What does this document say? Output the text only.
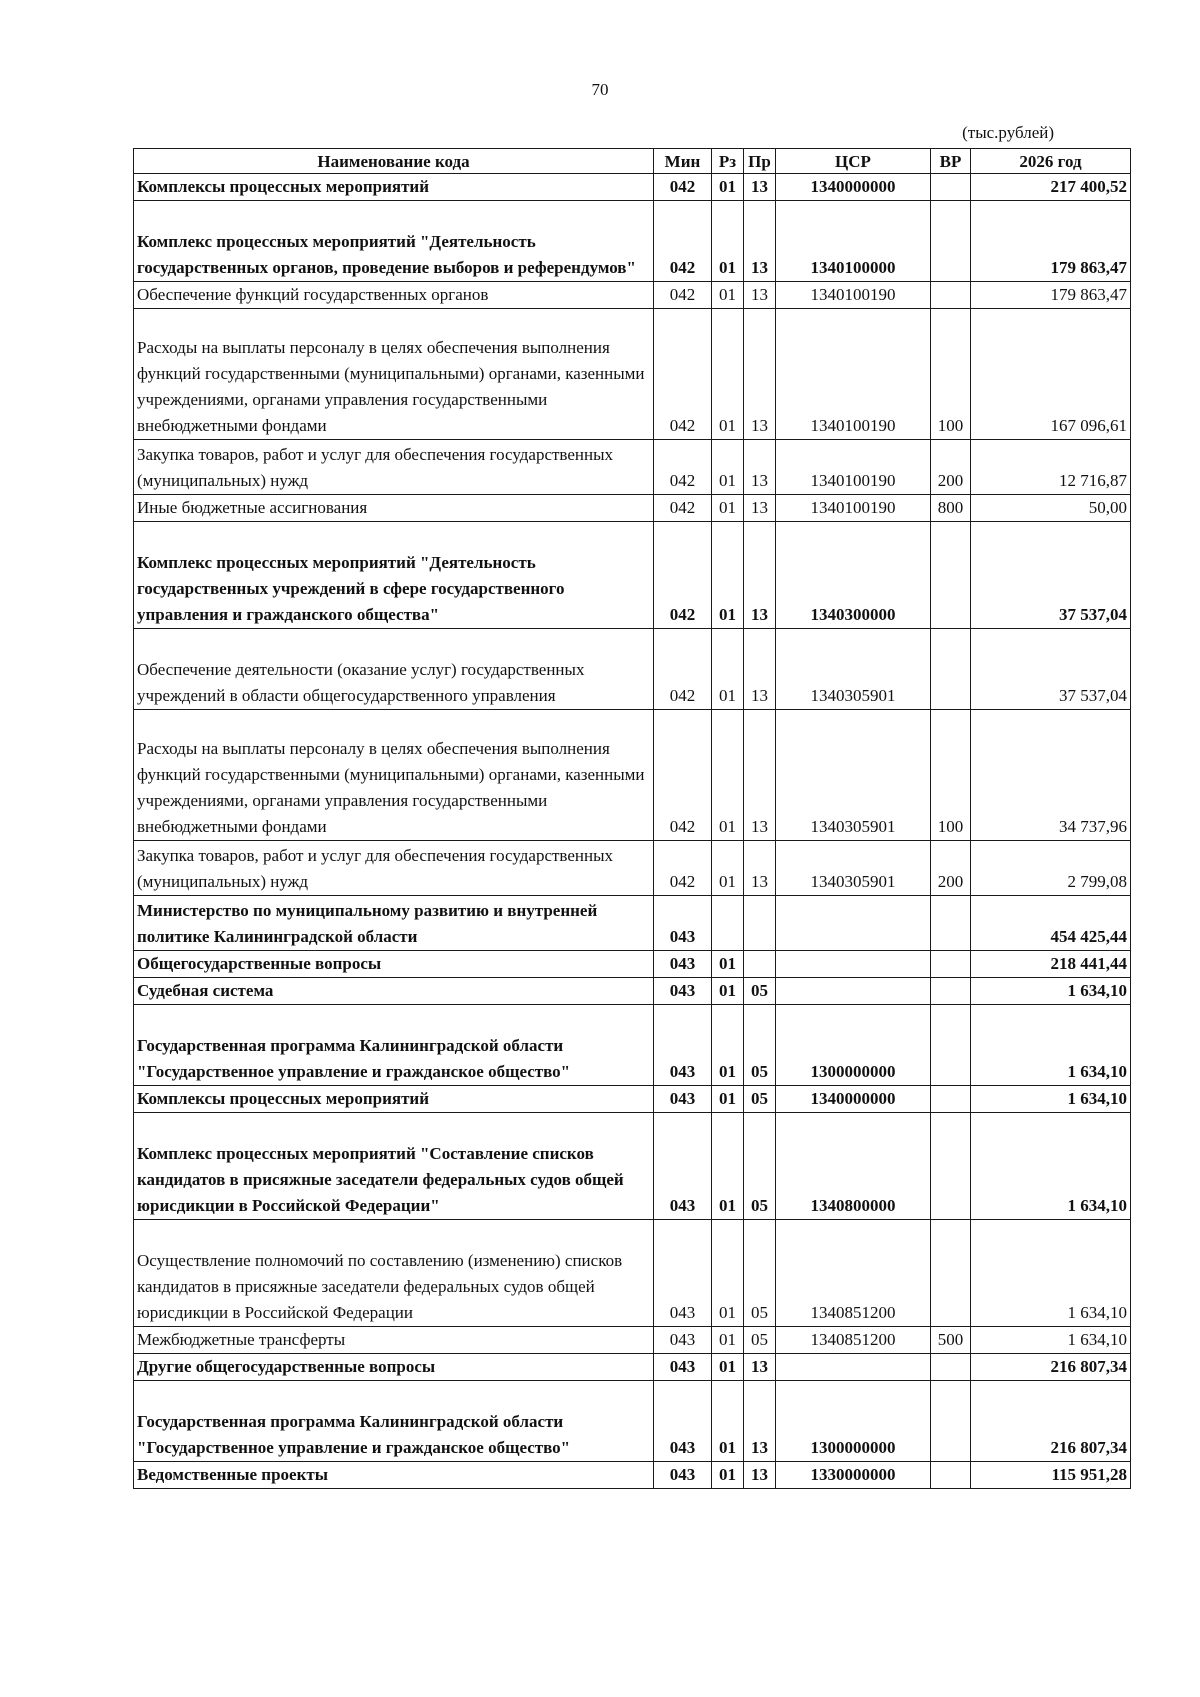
70
(тыс.рублей)
Наименование кода	Мин	Рз	Пр	ЦСР	ВР	2026 год
Комплексы процессных мероприятий	042	01	13	1340000000		217 400,52
Комплекс процессных мероприятий "Деятельность государственных органов, проведение выборов и референдумов"	042	01	13	1340100000		179 863,47
Обеспечение функций государственных органов	042	01	13	1340100190		179 863,47
Расходы на выплаты персоналу в целях обеспечения выполнения функций государственными (муниципальными) органами, казенными учреждениями, органами управления государственными внебюджетными фондами	042	01	13	1340100190	100	167 096,61
Закупка товаров, работ и услуг для обеспечения государственных (муниципальных) нужд	042	01	13	1340100190	200	12 716,87
Иные бюджетные ассигнования	042	01	13	1340100190	800	50,00
Комплекс процессных мероприятий "Деятельность государственных учреждений в сфере государственного управления и гражданского общества"	042	01	13	1340300000		37 537,04
Обеспечение деятельности (оказание услуг) государственных учреждений в области общегосударственного управления	042	01	13	1340305901		37 537,04
Расходы на выплаты персоналу в целях обеспечения выполнения функций государственными (муниципальными) органами, казенными учреждениями, органами управления государственными внебюджетными фондами	042	01	13	1340305901	100	34 737,96
Закупка товаров, работ и услуг для обеспечения государственных (муниципальных) нужд	042	01	13	1340305901	200	2 799,08
Министерство по муниципальному развитию и внутренней политике Калининградской области	043					454 425,44
Общегосударственные вопросы	043	01				218 441,44
Судебная система	043	01	05			1 634,10
Государственная программа Калининградской области "Государственное управление и гражданское общество"	043	01	05	1300000000		1 634,10
Комплексы процессных мероприятий	043	01	05	1340000000		1 634,10
Комплекс процессных мероприятий "Составление списков кандидатов в присяжные заседатели федеральных судов общей юрисдикции в Российской Федерации"	043	01	05	1340800000		1 634,10
Осуществление полномочий по составлению (изменению) списков кандидатов в присяжные заседатели федеральных судов общей юрисдикции в Российской Федерации	043	01	05	1340851200		1 634,10
Межбюджетные трансферты	043	01	05	1340851200	500	1 634,10
Другие общегосударственные вопросы	043	01	13			216 807,34
Государственная программа Калининградской области "Государственное управление и гражданское общество"	043	01	13	1300000000		216 807,34
Ведомственные проекты	043	01	13	1330000000		115 951,28
